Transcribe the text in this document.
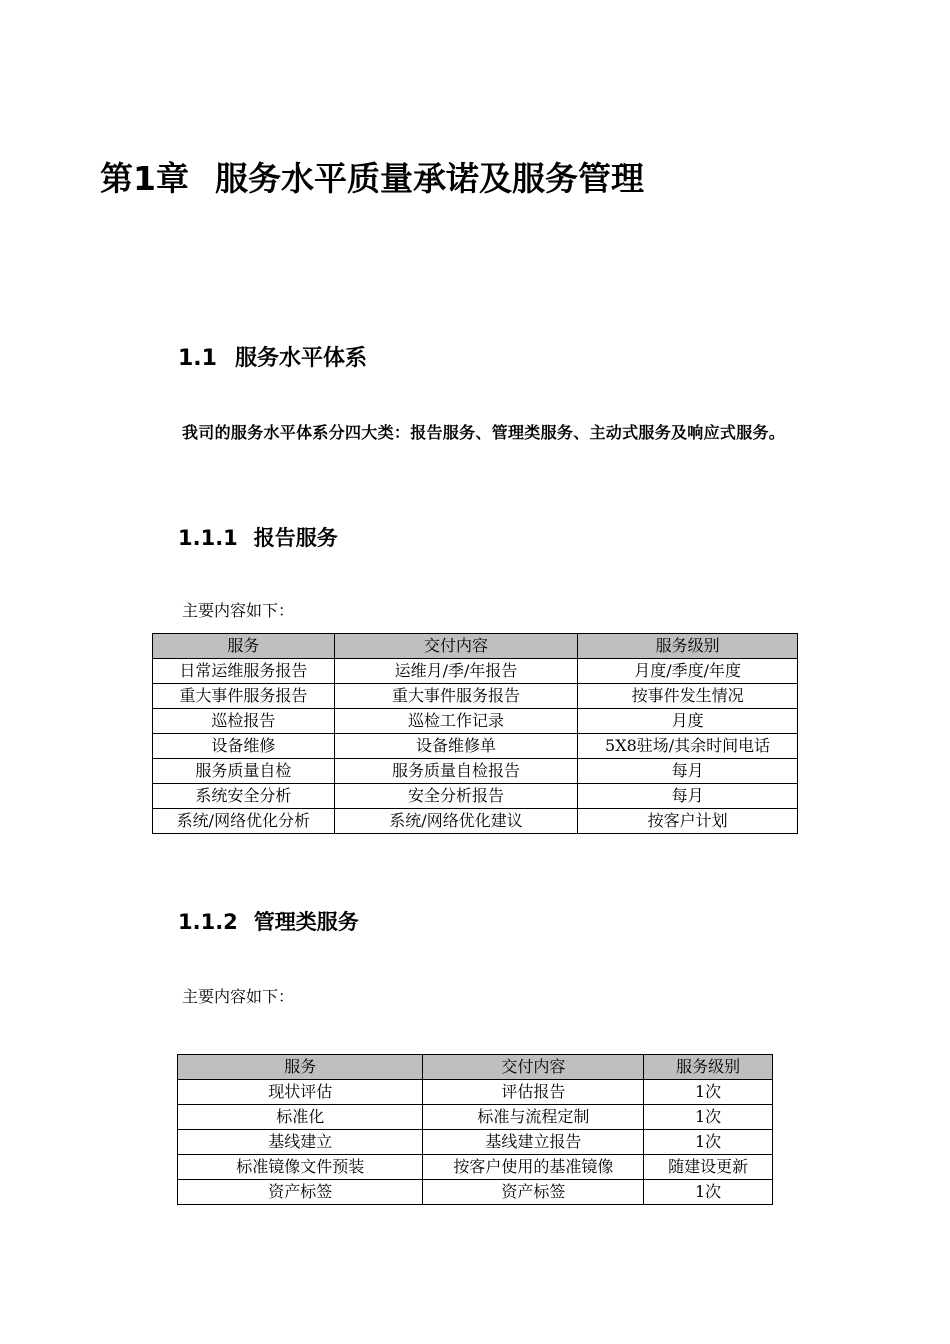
第1章 服务水平质量承诺及服务管理
1.1 服务水平体系
我司的服务水平体系分四大类：报告服务、管理类服务、主动式服务及响应式服务。
1.1.1 报告服务
主要内容如下：
服务	交付内容	服务级别
日常运维服务报告	运维月/季/年报告	月度/季度/年度
重大事件服务报告	重大事件服务报告	按事件发生情况
巡检报告	巡检工作记录	月度
设备维修	设备维修单	5X8驻场/其余时间电话
服务质量自检	服务质量自检报告	每月
系统安全分析	安全分析报告	每月
系统/网络优化分析	系统/网络优化建议	按客户计划
1.1.2 管理类服务
主要内容如下：
服务	交付内容	服务级别
现状评估	评估报告	1次
标准化	标准与流程定制	1次
基线建立	基线建立报告	1次
标准镜像文件预装	按客户使用的基准镜像	随建设更新
资产标签	资产标签	1次
